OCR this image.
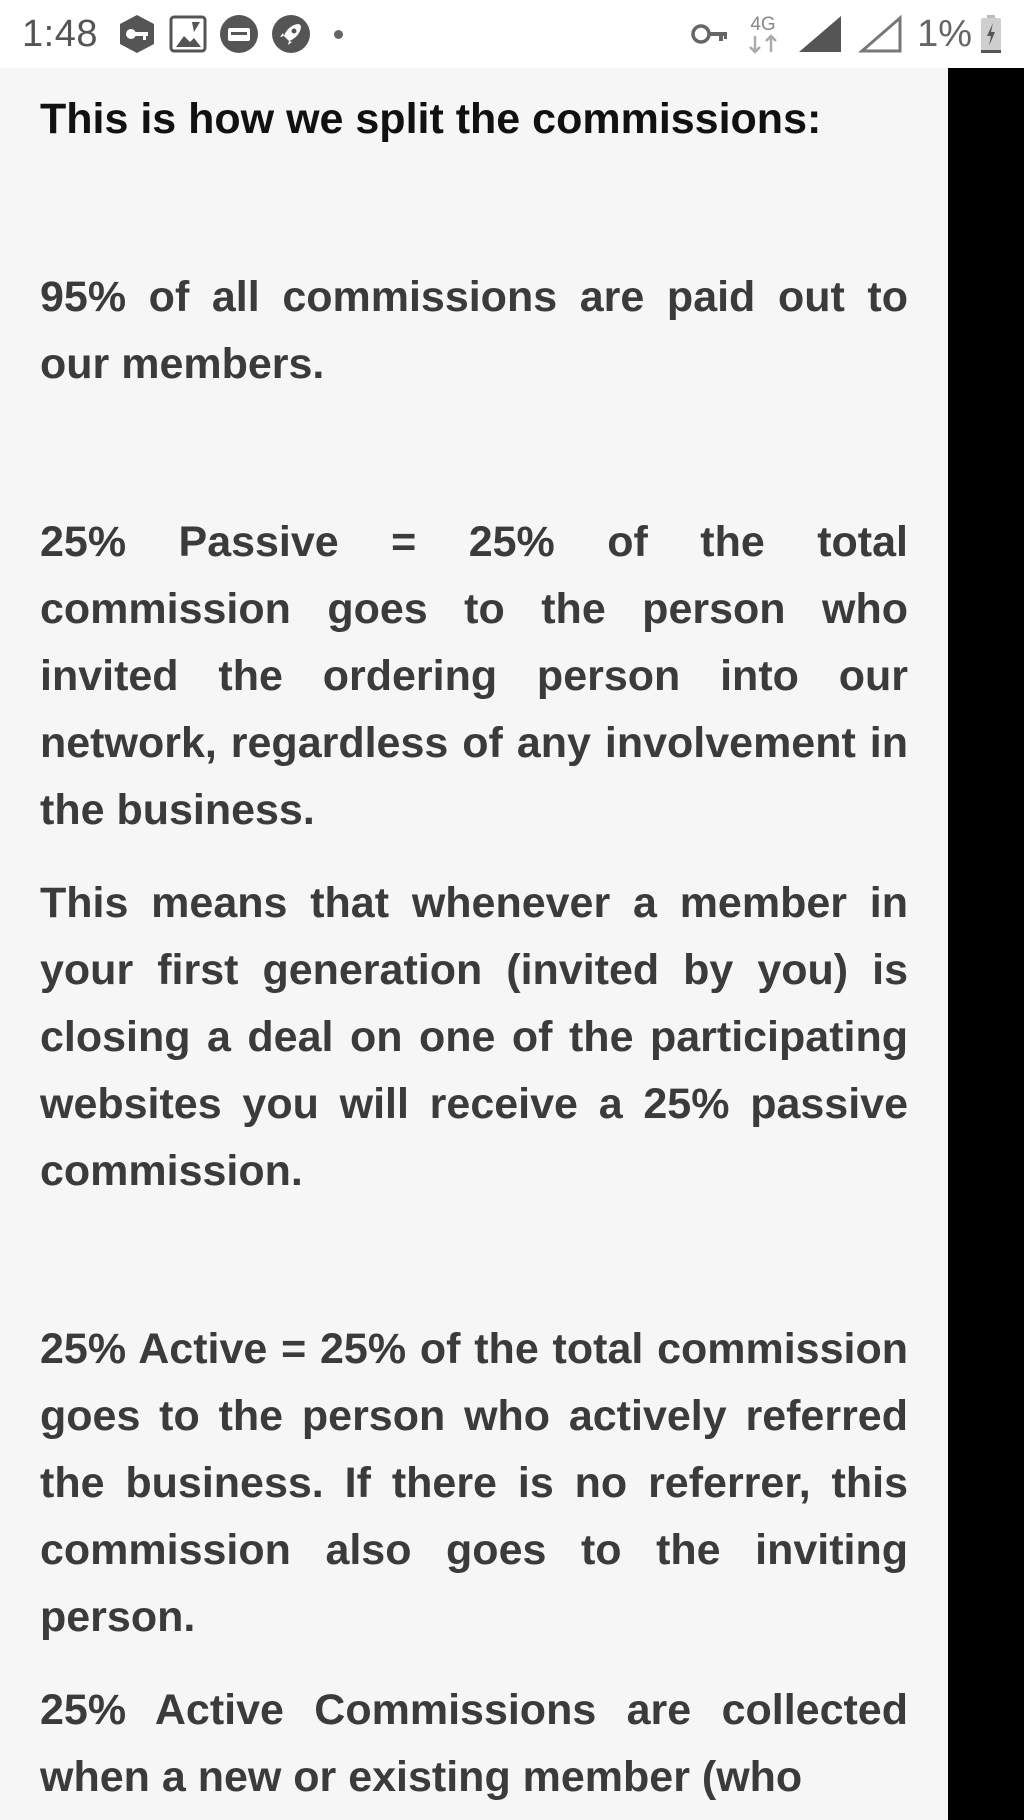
1:48	4G	1%

This is how we split the commissions:

95% of all commissions are paid out to our members.

25% Passive = 25% of the total commission goes to the person who invited the ordering person into our network, regardless of any involvement in the business.

This means that whenever a member in your first generation (invited by you) is closing a deal on one of the participating websites you will receive a 25% passive commission.

25% Active = 25% of the total commission goes to the person who actively referred the business. If there is no referrer, this commission also goes to the inviting person.

25% Active Commissions are collected when a new or existing member (who
